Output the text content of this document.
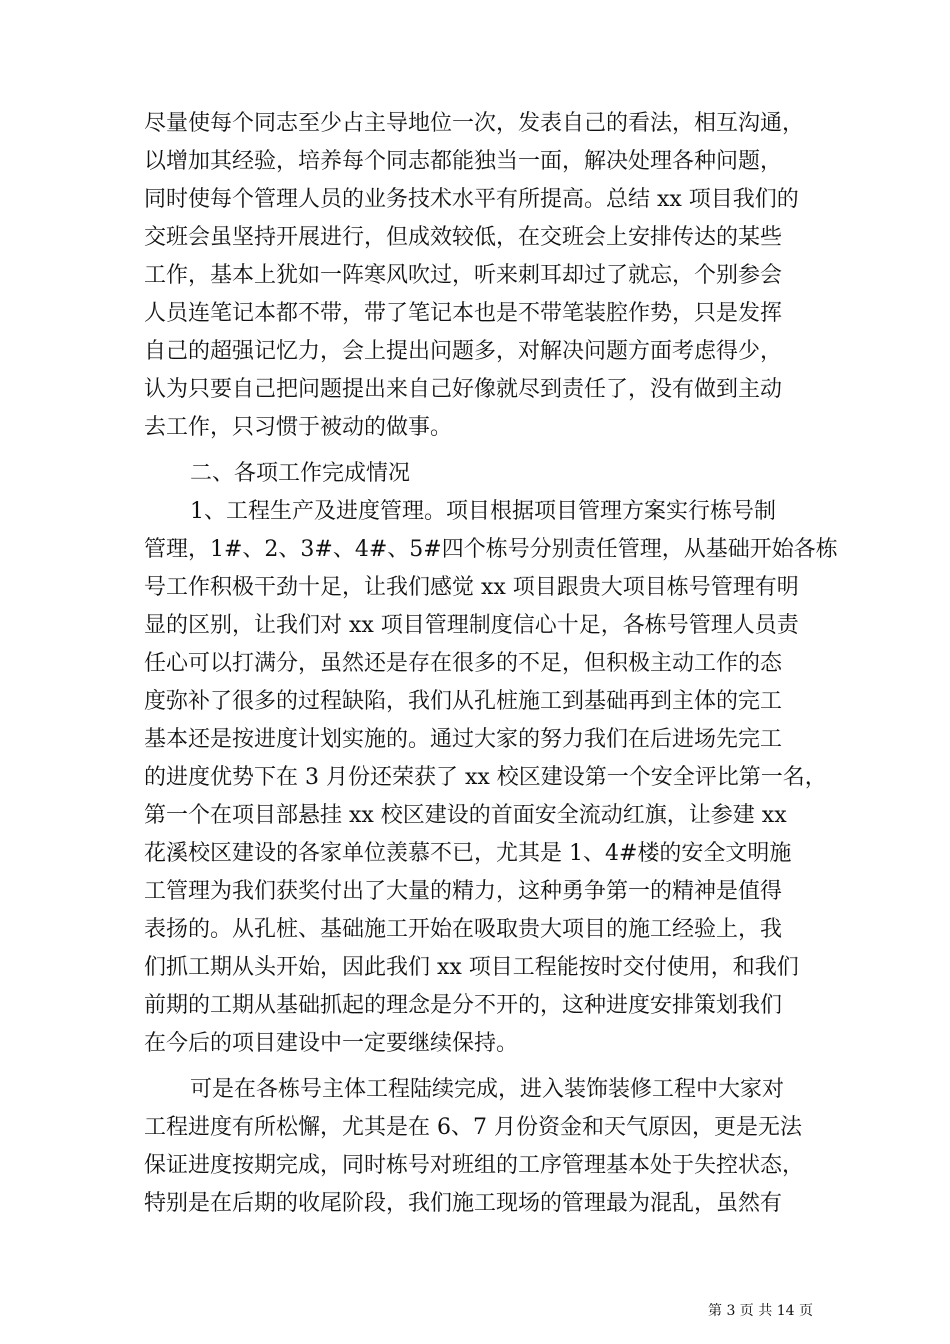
尽量使每个同志至少占主导地位一次，发表自己的看法，相互沟通，
以增加其经验，培养每个同志都能独当一面，解决处理各种问题，
同时使每个管理人员的业务技术水平有所提高。总结 xx 项目我们的
交班会虽坚持开展进行，但成效较低，在交班会上安排传达的某些
工作，基本上犹如一阵寒风吹过，听来刺耳却过了就忘，个别参会
人员连笔记本都不带，带了笔记本也是不带笔装腔作势，只是发挥
自己的超强记忆力，会上提出问题多，对解决问题方面考虑得少，
认为只要自己把问题提出来自己好像就尽到责任了，没有做到主动
去工作，只习惯于被动的做事。
二、各项工作完成情况
1、工程生产及进度管理。项目根据项目管理方案实行栋号制
管理，1#、2、3#、4#、5#四个栋号分别责任管理，从基础开始各栋
号工作积极干劲十足，让我们感觉 xx 项目跟贵大项目栋号管理有明
显的区别，让我们对 xx 项目管理制度信心十足，各栋号管理人员责
任心可以打满分，虽然还是存在很多的不足，但积极主动工作的态
度弥补了很多的过程缺陷，我们从孔桩施工到基础再到主体的完工
基本还是按进度计划实施的。通过大家的努力我们在后进场先完工
的进度优势下在 3 月份还荣获了 xx 校区建设第一个安全评比第一名，
第一个在项目部悬挂 xx 校区建设的首面安全流动红旗，让参建 xx
花溪校区建设的各家单位羡慕不已，尤其是 1、4#楼的安全文明施
工管理为我们获奖付出了大量的精力，这种勇争第一的精神是值得
表扬的。从孔桩、基础施工开始在吸取贵大项目的施工经验上，我
们抓工期从头开始，因此我们 xx 项目工程能按时交付使用，和我们
前期的工期从基础抓起的理念是分不开的，这种进度安排策划我们
在今后的项目建设中一定要继续保持。
可是在各栋号主体工程陆续完成，进入装饰装修工程中大家对
工程进度有所松懈，尤其是在 6、7 月份资金和天气原因，更是无法
保证进度按期完成，同时栋号对班组的工序管理基本处于失控状态，
特别是在后期的收尾阶段，我们施工现场的管理最为混乱，虽然有
第 3 页 共 14 页
